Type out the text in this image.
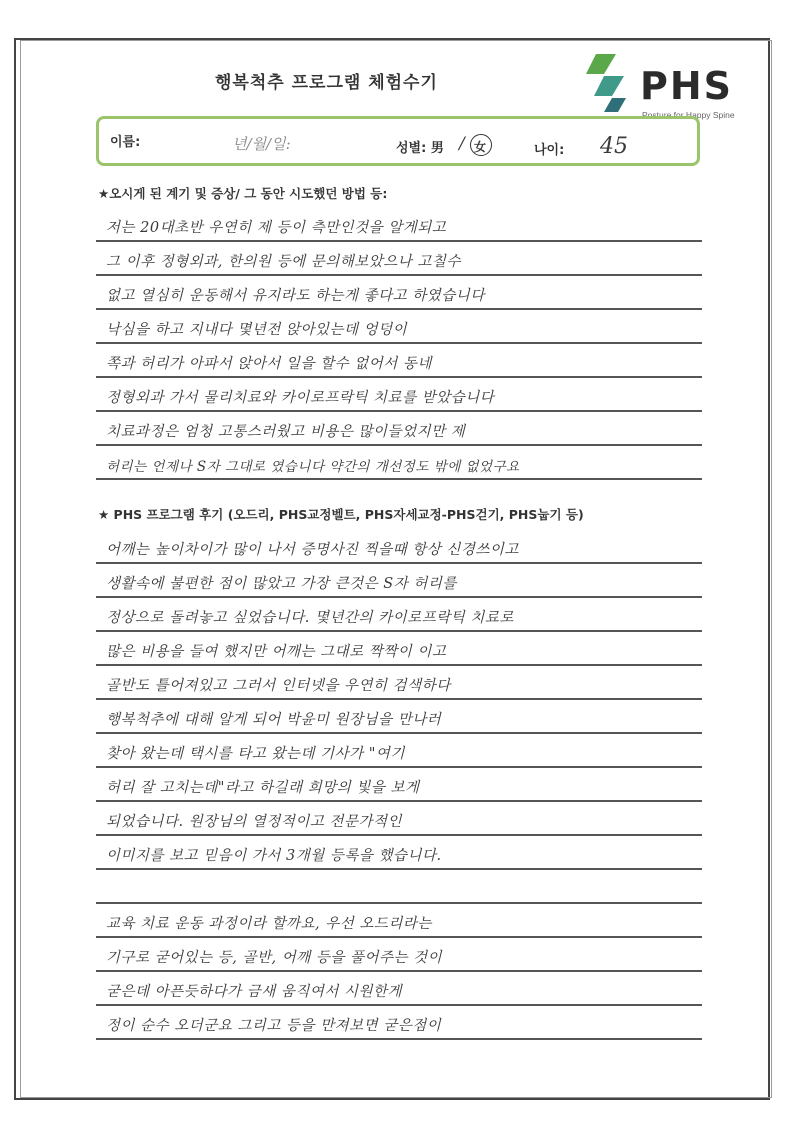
행복척추 프로그램 체험수기	PHS
Posture for Happy Spine
이름:	년/월/일:	성별: 男 / 女	나이: 45
★오시게 된 계기 및 증상/ 그 동안 시도했던 방법 등:
저는 20대초반 우연히 제 등이 측만인것을 알게되고
그 이후 정형외과, 한의원 등에 문의해보았으나 고칠수
없고 열심히 운동해서 유지라도 하는게 좋다고 하였습니다
낙심을 하고 지내다 몇년전 앉아있는데 엉덩이
쪽과 허리가 아파서 앉아서 일을 할수 없어서 동네
정형외과 가서 물리치료와 카이로프락틱 치료를 받았습니다
치료과정은 엄청 고통스러웠고 비용은 많이들었지만 제
허리는 언제나 S자 그대로 였습니다 약간의 개선정도 밖에 없었구요
★ PHS 프로그램 후기 (오드리, PHS교정벨트, PHS자세교정-PHS걷기, PHS눕기 등)
어깨는 높이차이가 많이 나서 증명사진 찍을때 항상 신경쓰이고
생활속에 불편한 점이 많았고 가장 큰것은 S자 허리를
정상으로 돌려놓고 싶었습니다. 몇년간의 카이로프락틱 치료로
많은 비용을 들여 했지만 어깨는 그대로 짝짝이 이고
골반도 틀어져있고 그러서 인터넷을 우연히 검색하다
행복척추에 대해 알게 되어 박윤미 원장님을 만나러
찾아 왔는데 택시를 타고 왔는데 기사가 "여기
허리 잘 고치는데"라고 하길래 희망의 빛을 보게
되었습니다. 원장님의 열정적이고 전문가적인
이미지를 보고 믿음이 가서 3개월 등록을 했습니다.
교육 치료 운동 과정이라 할까요, 우선 오드리라는
기구로 굳어있는 등, 골반, 어깨 등을 풀어주는 것이
굳은데 아픈듯하다가 금새 움직여서 시원한게
정이 순수 오더군요 그리고 등을 만져보면 굳은점이
